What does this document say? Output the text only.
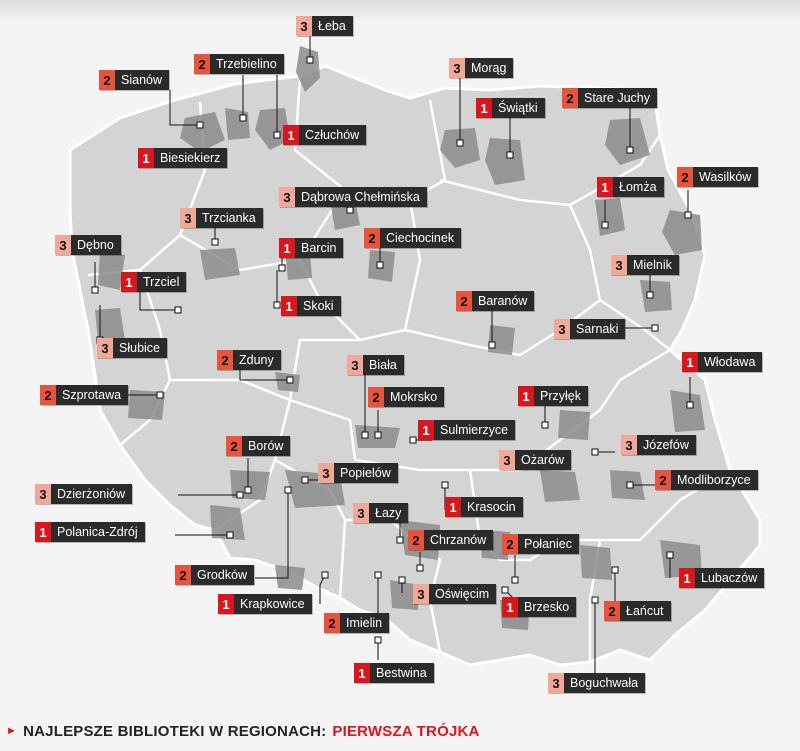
3 Łeba
2 Sianów
2 Trzebielino	3 Morąg
1 Świątki
2 Stare Juchy
1 Człuchów
1 Biesiekierz
1 Łomża
2 Wasilków
3 Dąbrowa Chełmińska
3 Trzcianka
3 Dębno	1 Barcin
2 Ciechocinek
3 Mielnik
1 Trzciel
1 Skoki	2 Baranów
3 Sarnaki
3 Słubice
2 Zduny	3 Biała	1 Włodawa
2 Szprotawa	2 Mokrsko	1 Przyłęk
1 Sulmierzyce
2 Borów	3 Józefów
3 Ożarów
3 Popielów	2 Modliborzyce
3 Dzierżoniów
3 Łazy	1 Krasocin
1 Polanica-Zdrój
2 Chrzanów	2 Połaniec
2 Grodków	1 Lubaczów
3 Oświęcim
1 Krapkowice	1 Brzesko	2 Łańcut
2 Imielin
1 Bestwina
3 Boguchwała
► NAJLEPSZE BIBLIOTEKI W REGIONACH: PIERWSZA TRÓJKA
